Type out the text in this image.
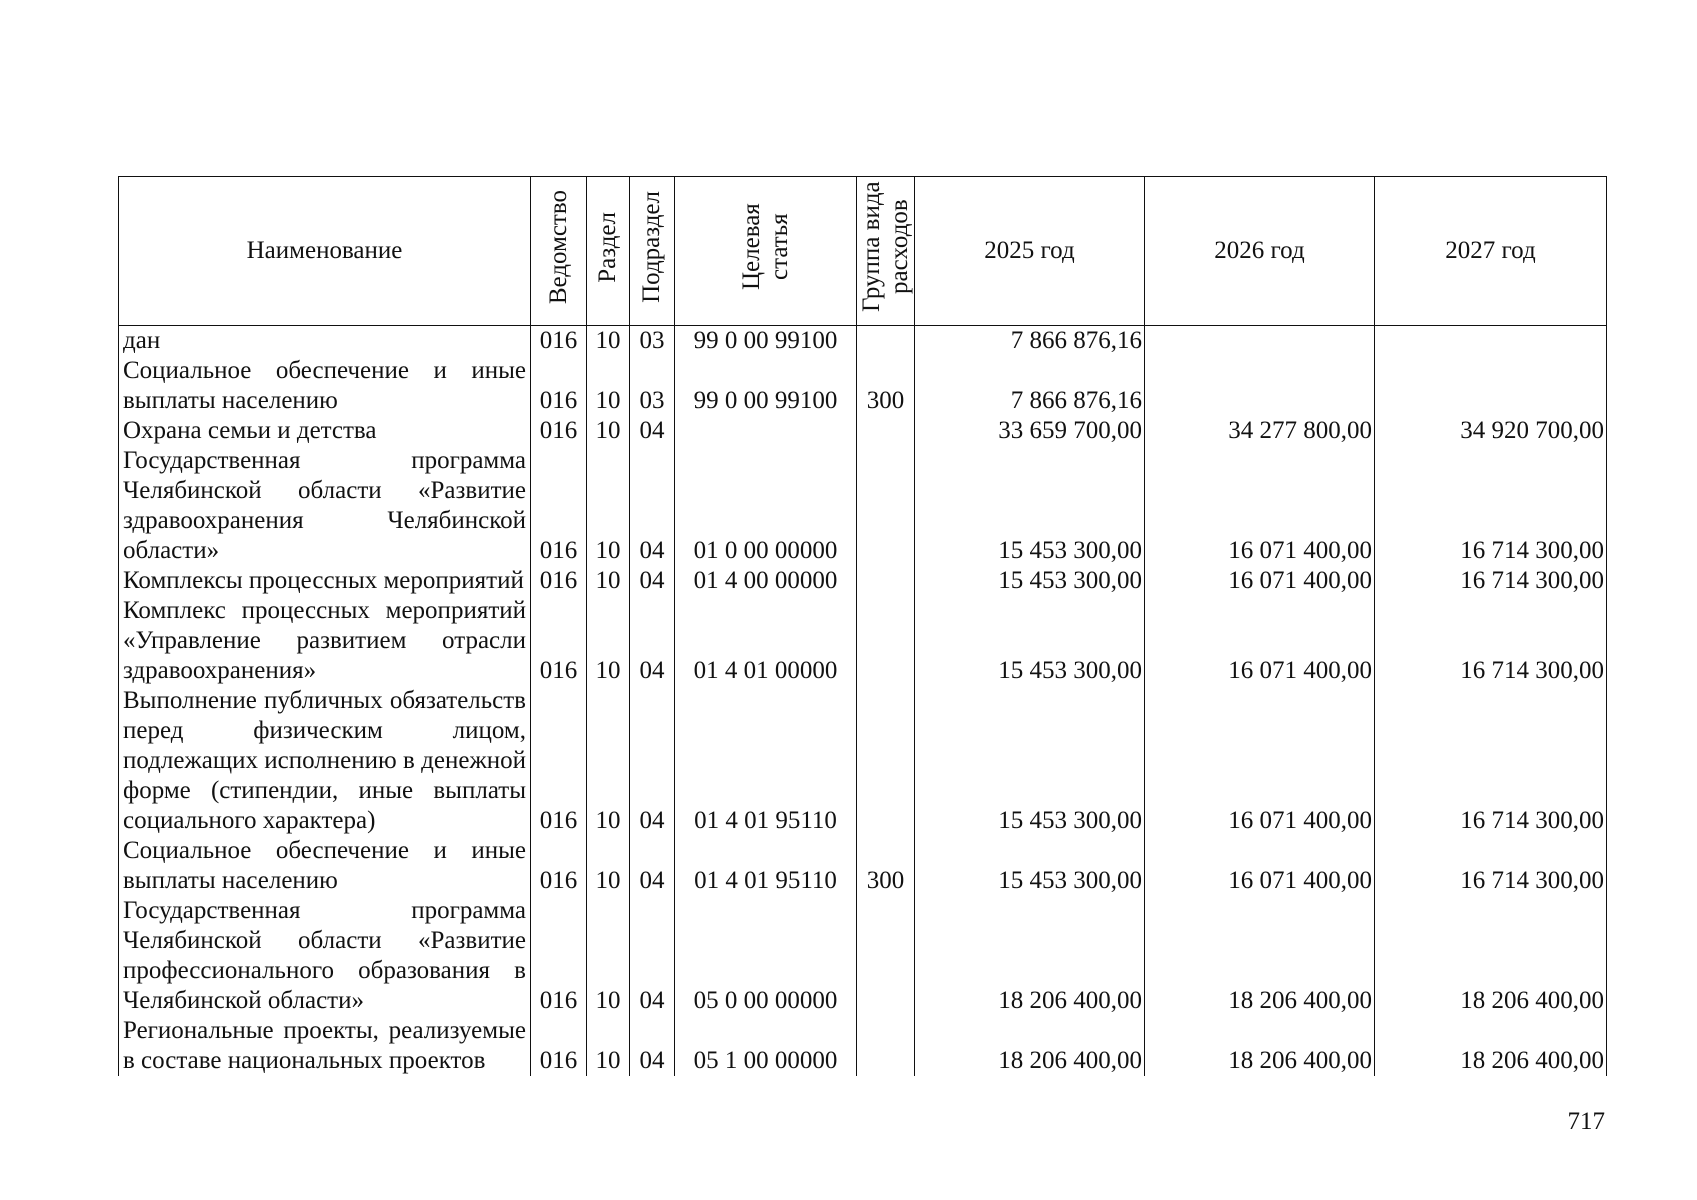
Наименование	Ведомство	Раздел	Подраздел	Целевая статья	Группа вида расходов	2025 год	2026 год	2027 год
дан	016	10	03	99 0 00 99100		7 866 876,16		
Социальное обеспечение и иные выплаты населению	016	10	03	99 0 00 99100	300	7 866 876,16		
Охрана семьи и детства	016	10	04			33 659 700,00	34 277 800,00	34 920 700,00
Государственная программа Челябинской области «Развитие здравоохранения Челябинской области»	016	10	04	01 0 00 00000		15 453 300,00	16 071 400,00	16 714 300,00
Комплексы процессных мероприятий	016	10	04	01 4 00 00000		15 453 300,00	16 071 400,00	16 714 300,00
Комплекс процессных мероприятий «Управление развитием отрасли здравоохранения»	016	10	04	01 4 01 00000		15 453 300,00	16 071 400,00	16 714 300,00
Выполнение публичных обязательств перед физическим лицом, подлежащих исполнению в денежной форме (стипендии, иные выплаты социального характера)	016	10	04	01 4 01 95110		15 453 300,00	16 071 400,00	16 714 300,00
Социальное обеспечение и иные выплаты населению	016	10	04	01 4 01 95110	300	15 453 300,00	16 071 400,00	16 714 300,00
Государственная программа Челябинской области «Развитие профессионального образования в Челябинской области»	016	10	04	05 0 00 00000		18 206 400,00	18 206 400,00	18 206 400,00
Региональные проекты, реализуемые в составе национальных проектов	016	10	04	05 1 00 00000		18 206 400,00	18 206 400,00	18 206 400,00
717
